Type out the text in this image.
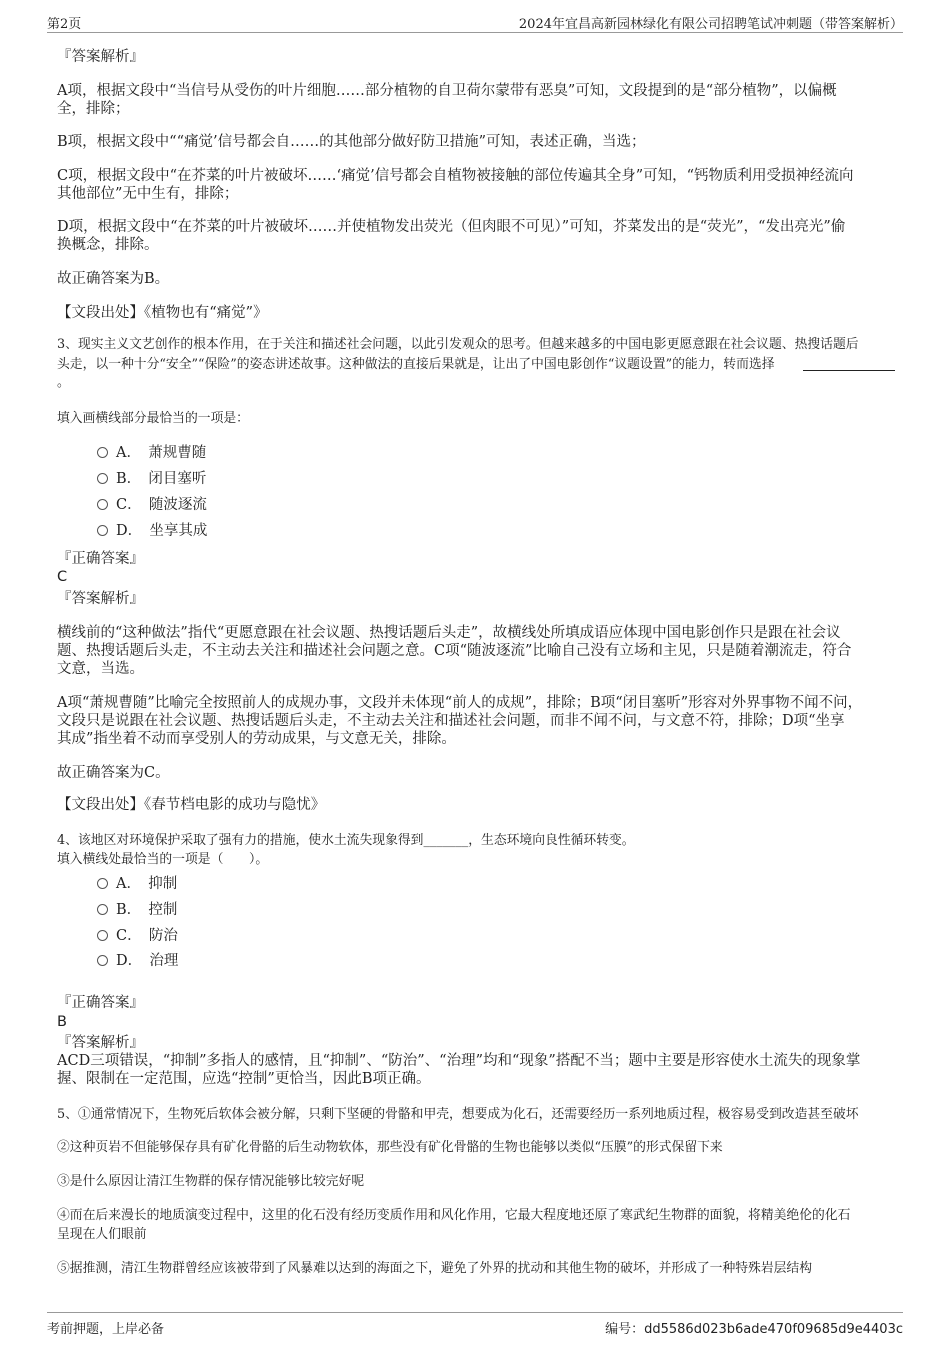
第2页	2024年宜昌高新园林绿化有限公司招聘笔试冲刺题（带答案解析）
『答案解析』
A项，根据文段中“当信号从受伤的叶片细胞……部分植物的自卫荷尔蒙带有恶臭”可知，文段提到的是“部分植物”，以偏概
全，排除；
B项，根据文段中““痛觉’信号都会自……的其他部分做好防卫措施”可知，表述正确，当选；
C项，根据文段中“在芥菜的叶片被破坏……‘痛觉’信号都会自植物被接触的部位传遍其全身”可知，“钙物质利用受损神经流向
其他部位”无中生有，排除；
D项，根据文段中“在芥菜的叶片被破坏……并使植物发出荧光（但肉眼不可见）”可知，芥菜发出的是“荧光”，“发出亮光”偷
换概念，排除。
故正确答案为B。
【文段出处】《植物也有“痛觉”》
3、现实主义文艺创作的根本作用，在于关注和描述社会问题，以此引发观众的思考。但越来越多的中国电影更愿意跟在社会议题、热搜话题后
头走，以一种十分“安全”“保险”的姿态讲述故事。这种做法的直接后果就是，让出了中国电影创作“议题设置”的能力，转而选择
。
填入画横线部分最恰当的一项是：
A．　萧规曹随
B．　闭目塞听
C．　随波逐流
D．　坐享其成
『正确答案』
C
『答案解析』
横线前的“这种做法”指代“更愿意跟在社会议题、热搜话题后头走”，故横线处所填成语应体现中国电影创作只是跟在社会议
题、热搜话题后头走，不主动去关注和描述社会问题之意。C项“随波逐流”比喻自己没有立场和主见，只是随着潮流走，符合
文意，当选。
A项“萧规曹随”比喻完全按照前人的成规办事，文段并未体现“前人的成规”，排除；B项“闭目塞听”形容对外界事物不闻不问，
文段只是说跟在社会议题、热搜话题后头走，不主动去关注和描述社会问题，而非不闻不问，与文意不符，排除；D项“坐享
其成”指坐着不动而享受别人的劳动成果，与文意无关，排除。
故正确答案为C。
【文段出处】《春节档电影的成功与隐忧》
4、该地区对环境保护采取了强有力的措施，使水土流失现象得到_______，生态环境向良性循环转变。
填入横线处最恰当的一项是（　　）。
A．　抑制
B．　控制
C．　防治
D．　治理
『正确答案』
B
『答案解析』
ACD三项错误，“抑制”多指人的感情，且“抑制”、“防治”、“治理”均和“现象”搭配不当；题中主要是形容使水土流失的现象掌
握、限制在一定范围，应选“控制”更恰当，因此B项正确。
5、①通常情况下，生物死后软体会被分解，只剩下坚硬的骨骼和甲壳，想要成为化石，还需要经历一系列地质过程，极容易受到改造甚至破坏
②这种页岩不但能够保存具有矿化骨骼的后生动物软体，那些没有矿化骨骼的生物也能够以类似“压膜”的形式保留下来
③是什么原因让清江生物群的保存情况能够比较完好呢
④而在后来漫长的地质演变过程中，这里的化石没有经历变质作用和风化作用，它最大程度地还原了寒武纪生物群的面貌，将精美绝伦的化石
呈现在人们眼前
⑤据推测，清江生物群曾经应该被带到了风暴难以达到的海面之下，避免了外界的扰动和其他生物的破坏，并形成了一种特殊岩层结构
考前押题，上岸必备	编号：dd5586d023b6ade470f09685d9e4403c
